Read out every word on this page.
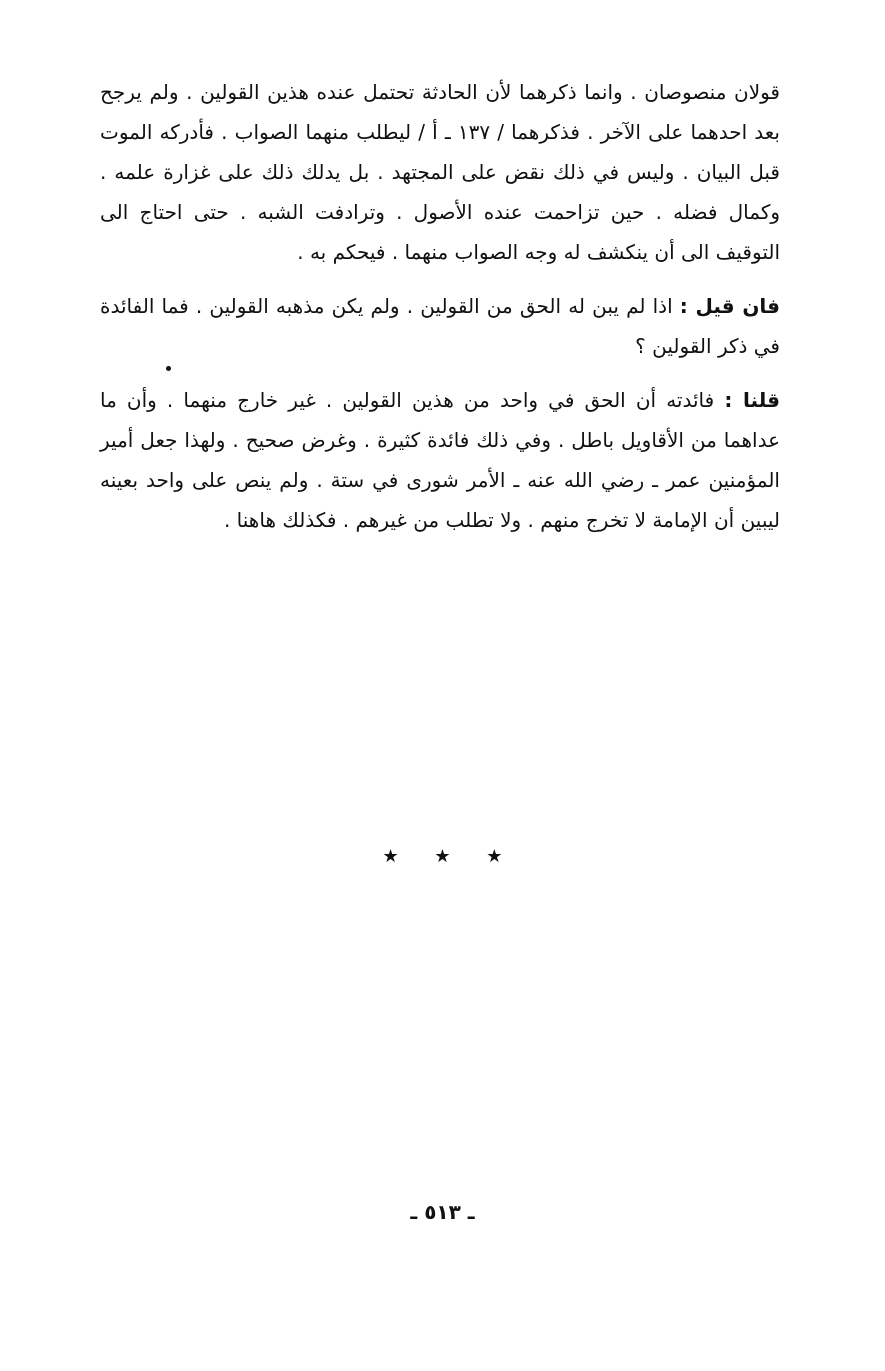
قولان منصوصان . وانما ذكرهما لأن الحادثة تحتمل عنده هذين القولين . ولم يرجح بعد احدهما على الآخر . فذكرهما / ١٣٧ ـ أ / ليطلب منهما الصواب . فأدركه الموت قبل البيان . وليس في ذلك نقض على المجتهد . بل يدلك ذلك على غزارة علمه . وكمال فضله . حين تزاحمت عنده الأصول . وترادفت الشبه . حتى احتاج الى التوقيف الى أن ينكشف له وجه الصواب منهما . فيحكم به .

فان قيل : اذا لم يبن له الحق من القولين . ولم يكن مذهبه القولين . فما الفائدة في ذكر القولين ؟

قلنا : فائدته أن الحق في واحد من هذين القولين . غير خارج منهما . وأن ما عداهما من الأقاويل باطل . وفي ذلك فائدة كثيرة . وغرض صحيح . ولهذا جعل أمير المؤمنين عمر ـ رضي الله عنه ـ الأمر شورى في ستة . ولم ينص على واحد بعينه ليبين أن الإمامة لا تخرج منهم . ولا تطلب من غيرهم . فكذلك هاهنا .

★ ★ ★
ـ ٥١٣ ـ
